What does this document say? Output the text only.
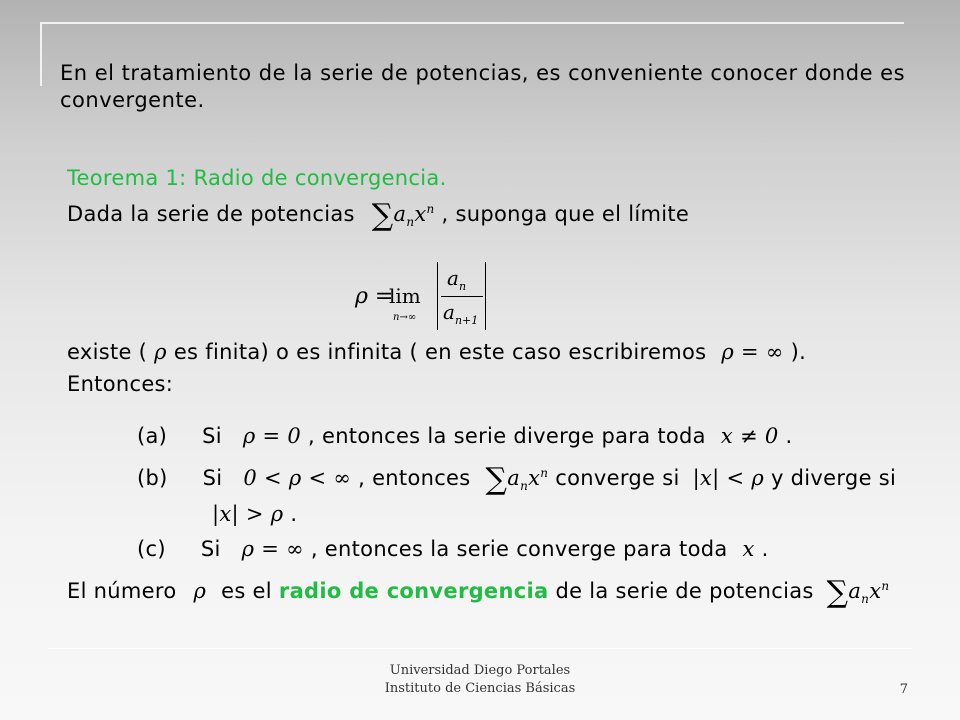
En el tratamiento de la serie de potencias, es conveniente conocer donde es convergente.
Teorema 1: Radio de convergencia.
Dada la serie de potencias $\sum a_nx^n$ , suponga que el límite
ρ =
lim
n→∞
$a_n$
$a_{n+1}$
existe ( ρ es finita) o es infinita ( en este caso escribiremos ρ = ∞ ).
Entonces:
(a) Si ρ = 0 , entonces la serie diverge para toda x ≠ 0 .
(b) Si 0 < ρ < ∞ , entonces $\sum a_nx^n$ converge si |x| < ρ y diverge si
|x| > ρ .
(c) Si ρ = ∞ , entonces la serie converge para toda x .
El número ρ es el radio de convergencia de la serie de potencias $\sum a_nx^n$
Universidad Diego Portales
Instituto de Ciencias Básicas	7
